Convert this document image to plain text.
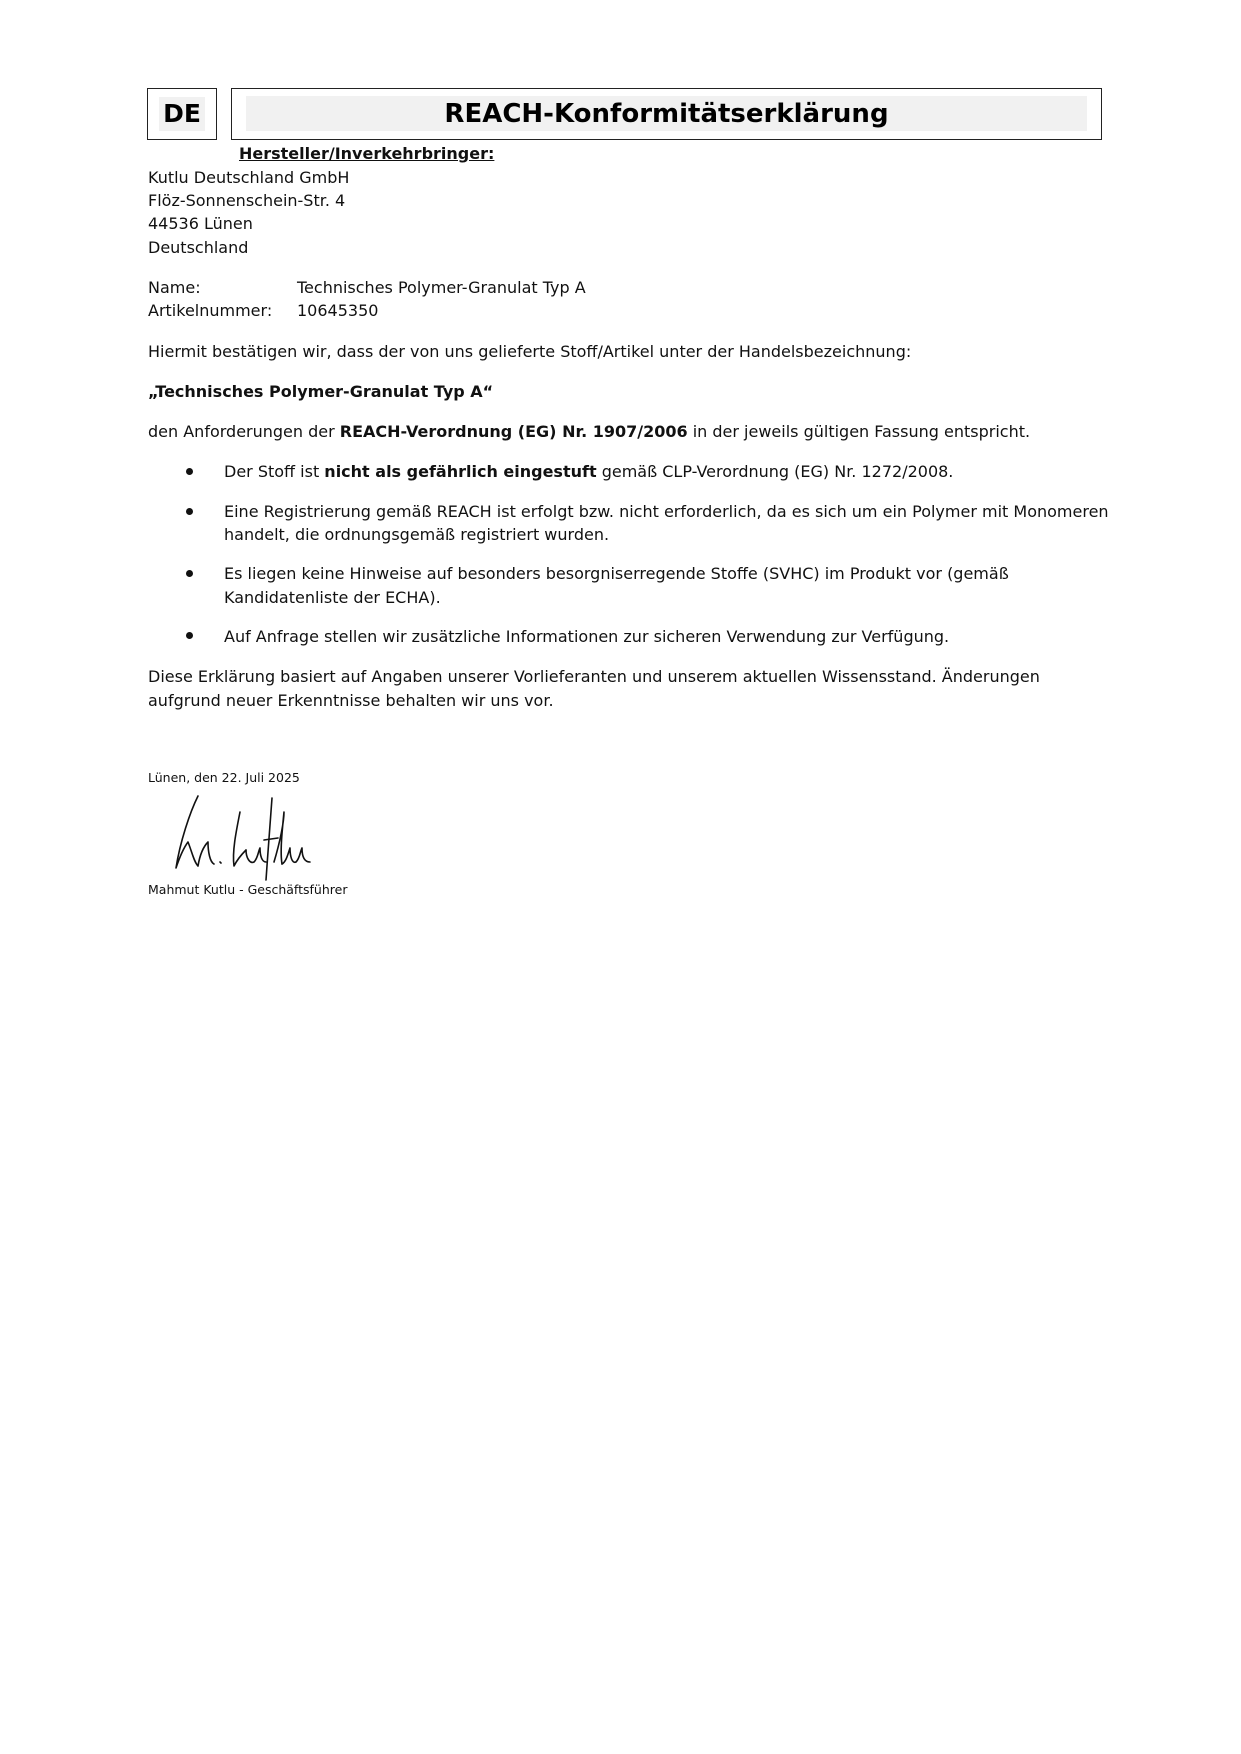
DE	REACH-Konformitätserklärung
Hersteller/Inverkehrbringer:
Kutlu Deutschland GmbH
Flöz-Sonnenschein-Str. 4
44536 Lünen
Deutschland
Name:	Technisches Polymer-Granulat Typ A
Artikelnummer: 10645350
Hiermit bestätigen wir, dass der von uns gelieferte Stoff/Artikel unter der Handelsbezeichnung:
„Technisches Polymer-Granulat Typ A“
den Anforderungen der REACH-Verordnung (EG) Nr. 1907/2006 in der jeweils gültigen Fassung entspricht.
Der Stoff ist nicht als gefährlich eingestuft gemäß CLP-Verordnung (EG) Nr. 1272/2008.
Eine Registrierung gemäß REACH ist erfolgt bzw. nicht erforderlich, da es sich um ein Polymer mit Monomeren
handelt, die ordnungsgemäß registriert wurden.
Es liegen keine Hinweise auf besonders besorgniserregende Stoffe (SVHC) im Produkt vor (gemäß
Kandidatenliste der ECHA).
Auf Anfrage stellen wir zusätzliche Informationen zur sicheren Verwendung zur Verfügung.
Diese Erklärung basiert auf Angaben unserer Vorlieferanten und unserem aktuellen Wissensstand. Änderungen
aufgrund neuer Erkenntnisse behalten wir uns vor.
Lünen, den 22. Juli 2025
Mahmut Kutlu - Geschäftsführer
